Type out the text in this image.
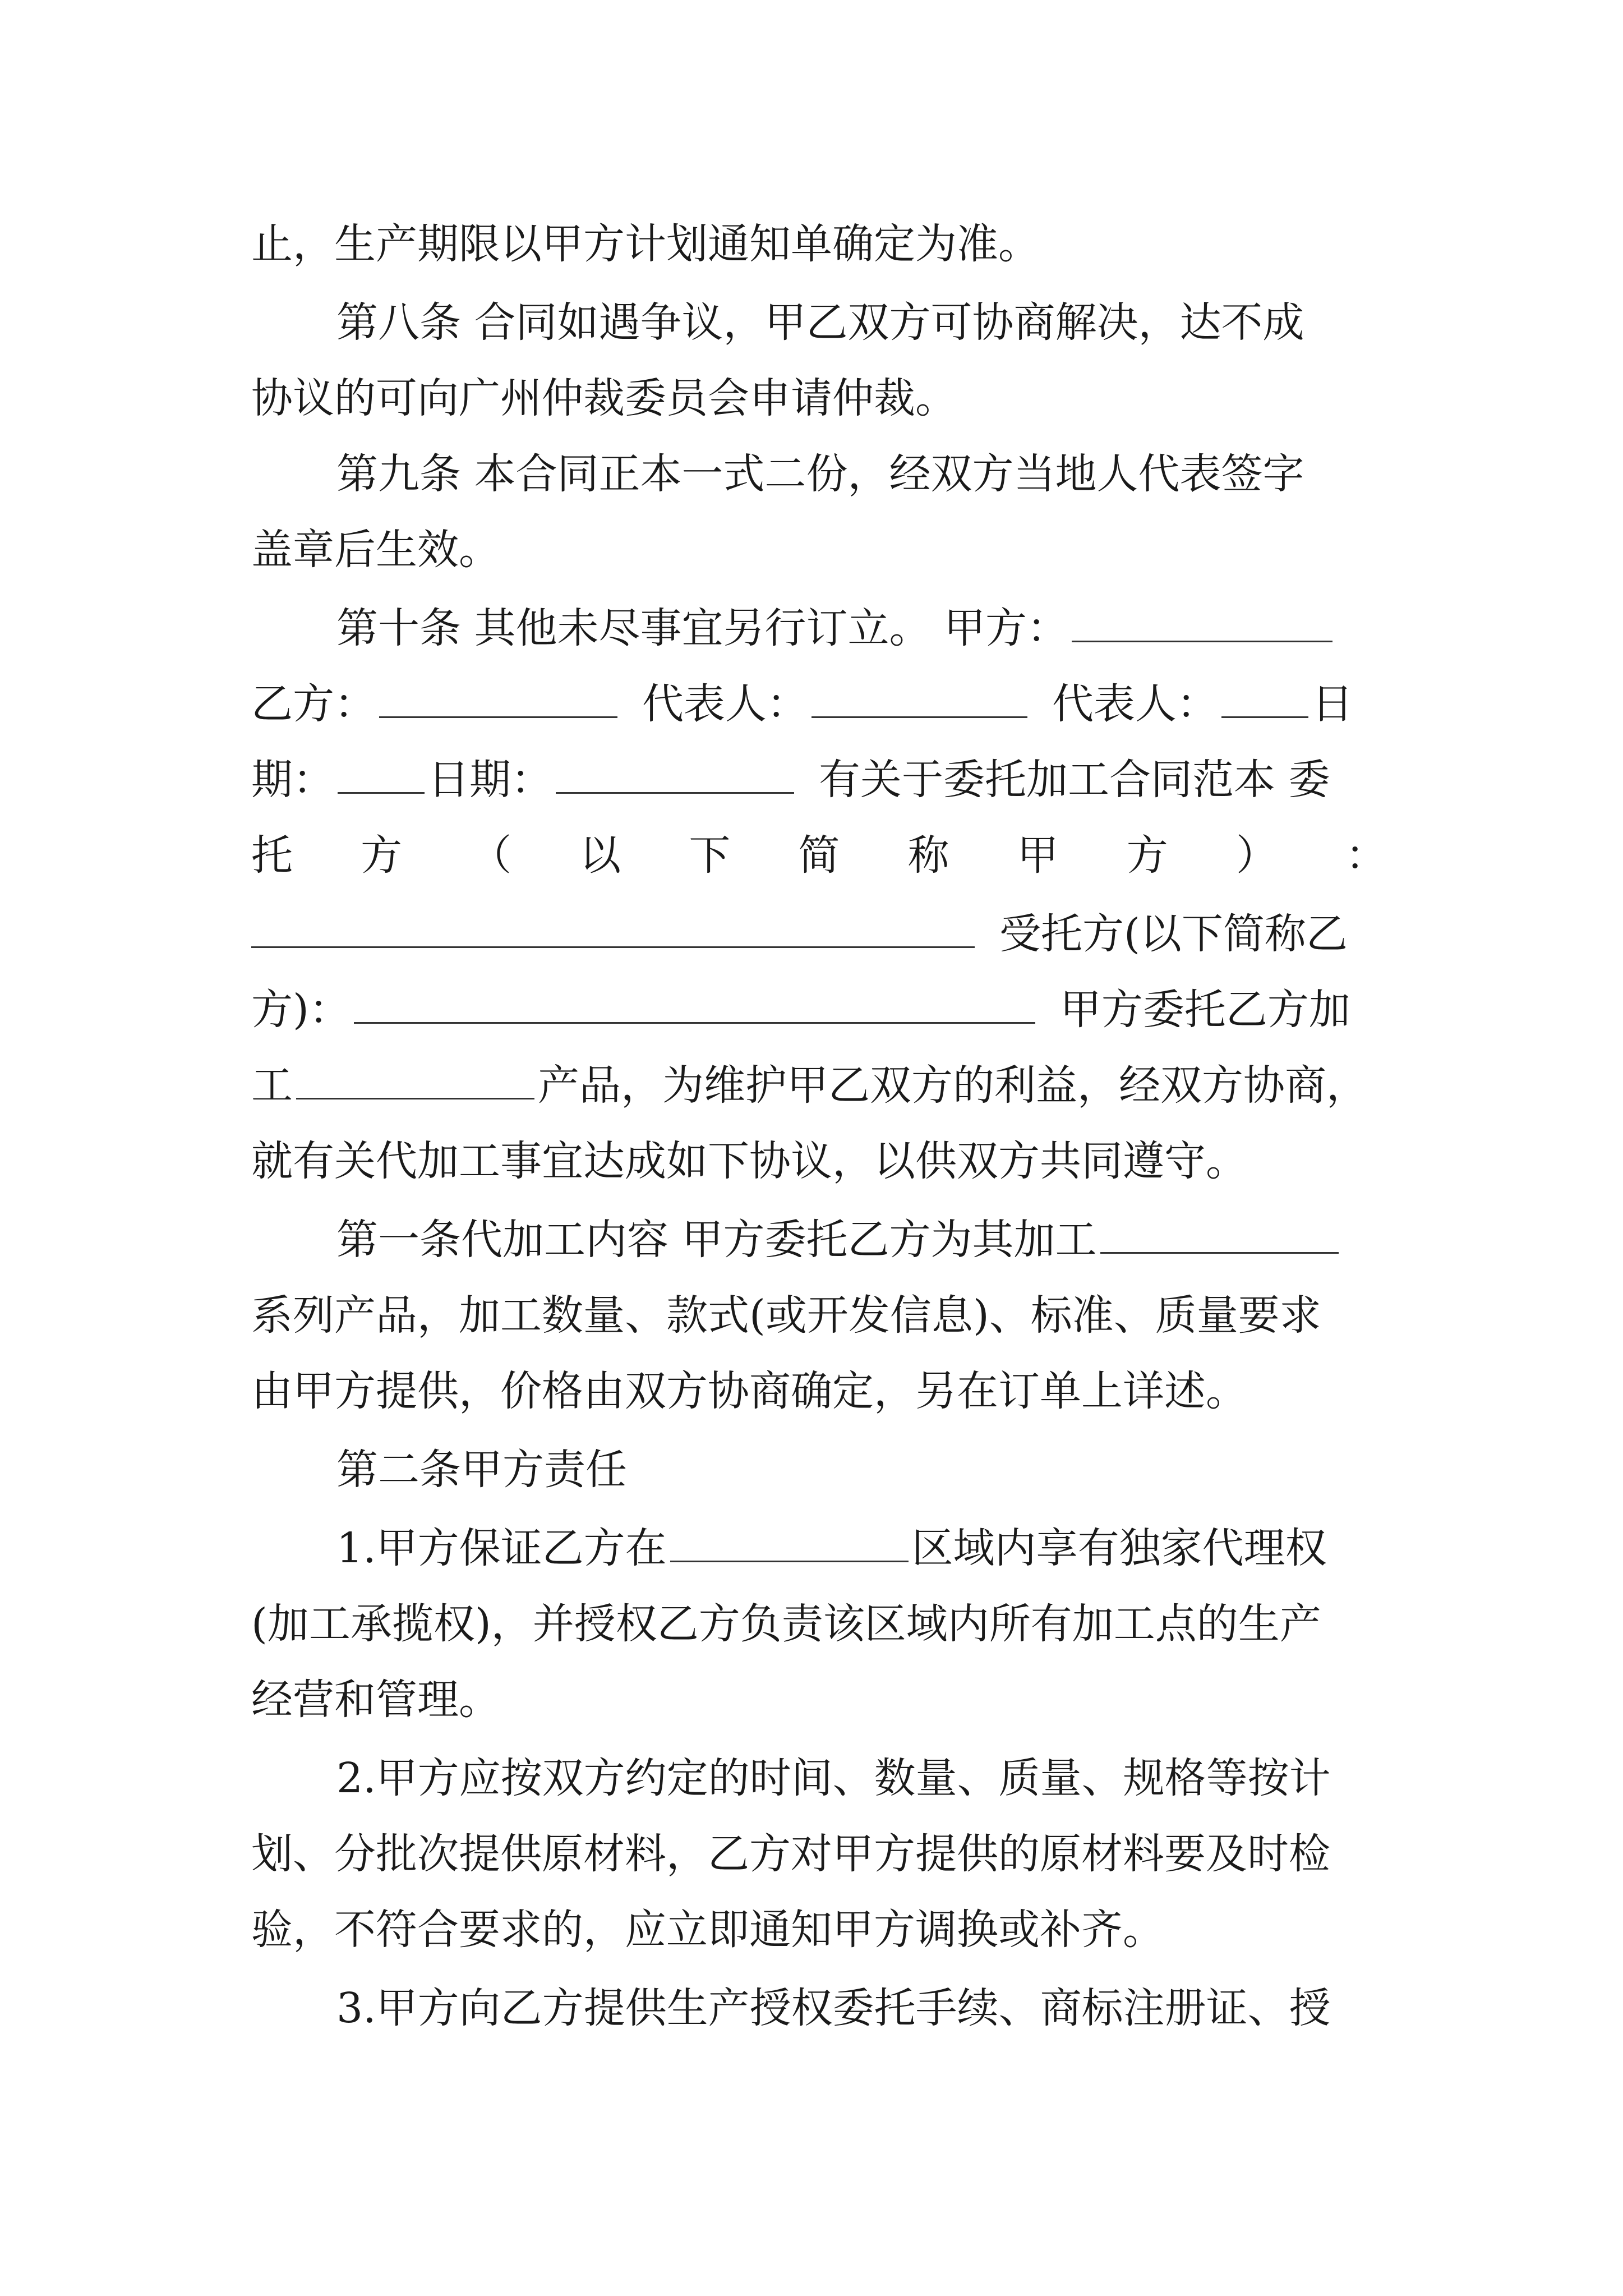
止，生产期限以甲方计划通知单确定为准。
第八条 合同如遇争议，甲乙双方可协商解决，达不成
协议的可向广州仲裁委员会申请仲裁。
第九条 本合同正本一式二份，经双方当地人代表签字
盖章后生效。
第十条 其他未尽事宜另行订立。 甲方：
乙方：	代表人：	代表人： 日
期： 日期：	有关于委托加工合同范本 委
托 方 （ 以 下 简 称 甲 方 ） ：
受托方(以下简称乙
方)：	甲方委托乙方加
工	产品，为维护甲乙双方的利益，经双方协商，
就有关代加工事宜达成如下协议，以供双方共同遵守。
第一条代加工内容 甲方委托乙方为其加工
系列产品，加工数量、款式(或开发信息)、标准、质量要求
由甲方提供，价格由双方协商确定，另在订单上详述。
第二条甲方责任
1.甲方保证乙方在	区域内享有独家代理权
(加工承揽权)，并授权乙方负责该区域内所有加工点的生产
经营和管理。
2.甲方应按双方约定的时间、数量、质量、规格等按计
划、分批次提供原材料，乙方对甲方提供的原材料要及时检
验，不符合要求的，应立即通知甲方调换或补齐。
3.甲方向乙方提供生产授权委托手续、商标注册证、授
